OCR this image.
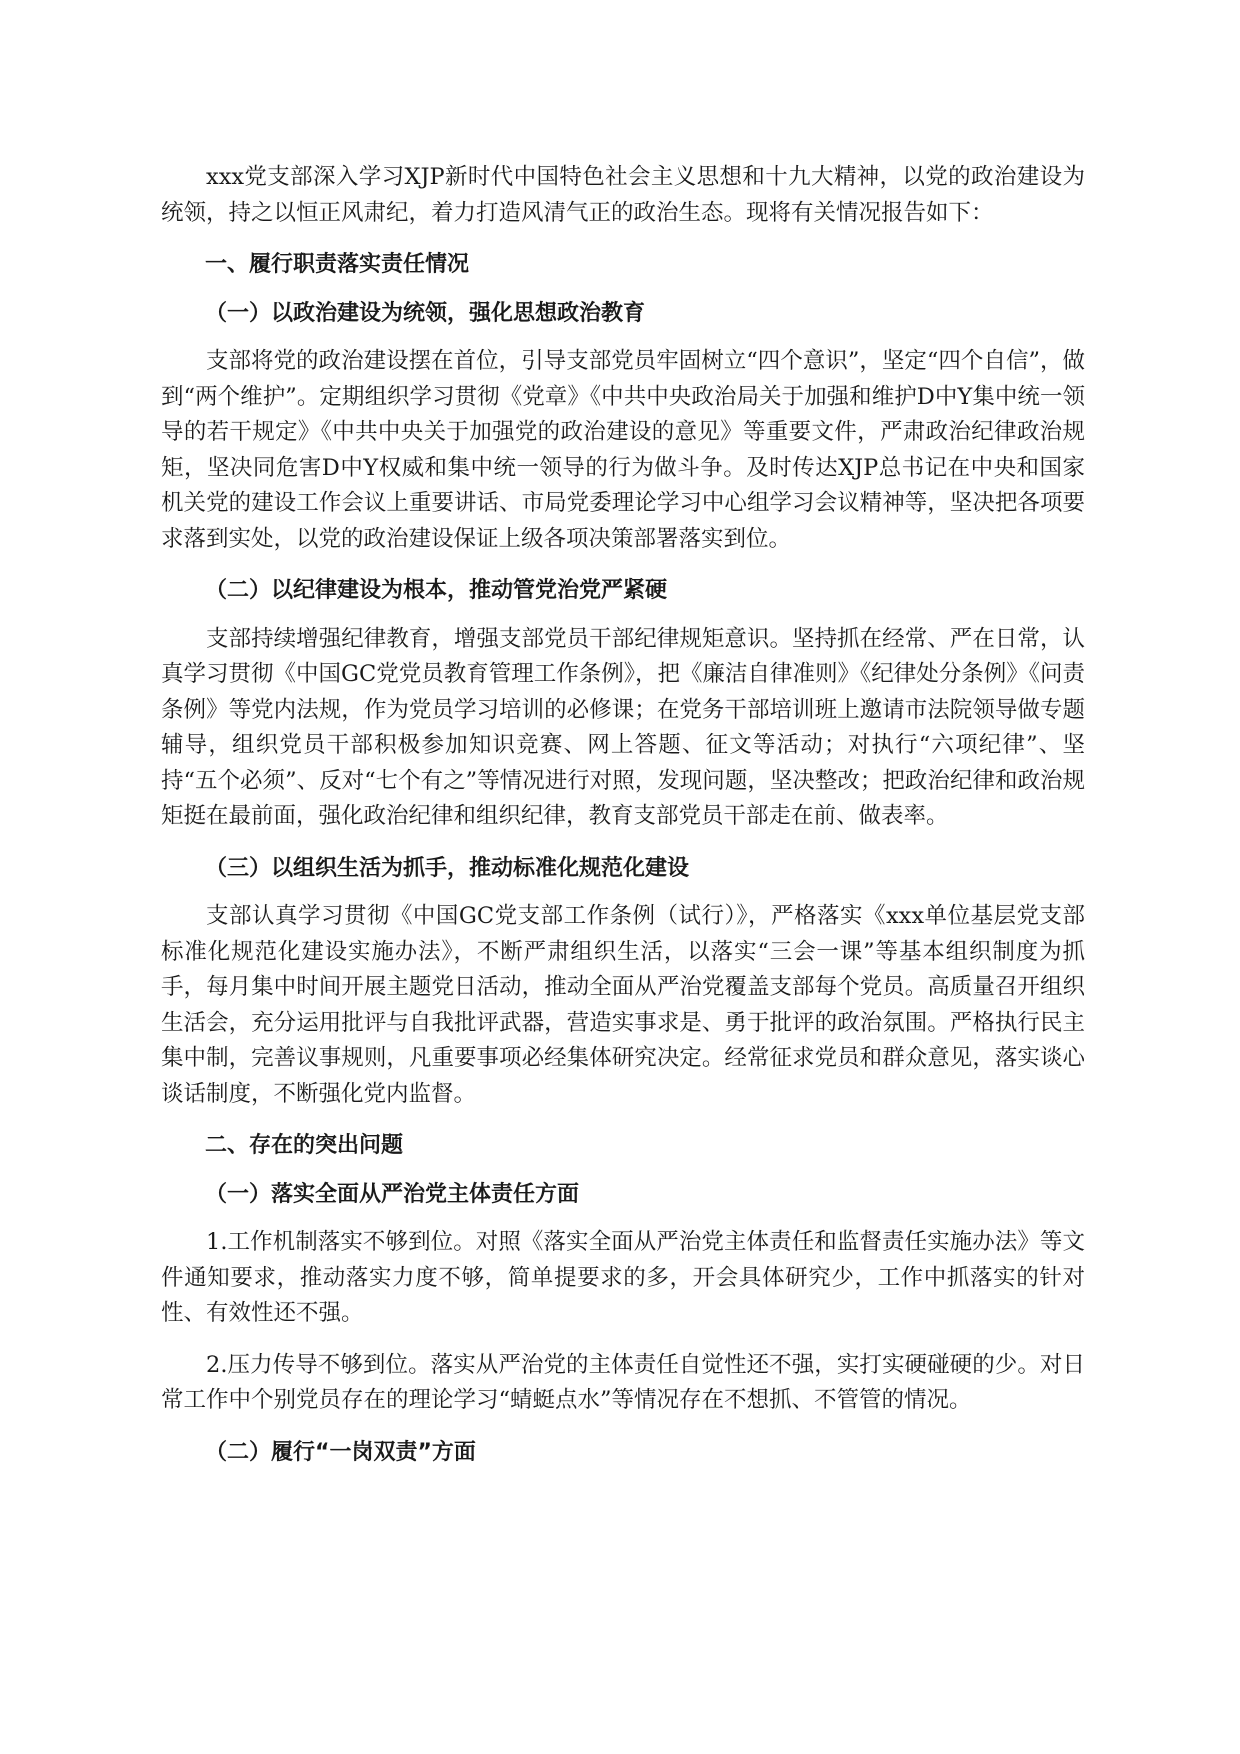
xxx党支部深入学习XJP新时代中国特色社会主义思想和十九大精神，以党的政治建设为统领，持之以恒正风肃纪，着力打造风清气正的政治生态。现将有关情况报告如下：

一、履行职责落实责任情况

（一）以政治建设为统领，强化思想政治教育

支部将党的政治建设摆在首位，引导支部党员牢固树立“四个意识”，坚定“四个自信”，做到“两个维护”。定期组织学习贯彻《党章》《中共中央政治局关于加强和维护D中Y集中统一领导的若干规定》《中共中央关于加强党的政治建设的意见》等重要文件，严肃政治纪律政治规矩，坚决同危害D中Y权威和集中统一领导的行为做斗争。及时传达XJP总书记在中央和国家机关党的建设工作会议上重要讲话、市局党委理论学习中心组学习会议精神等，坚决把各项要求落到实处，以党的政治建设保证上级各项决策部署落实到位。

（二）以纪律建设为根本，推动管党治党严紧硬

支部持续增强纪律教育，增强支部党员干部纪律规矩意识。坚持抓在经常、严在日常，认真学习贯彻《中国GC党党员教育管理工作条例》，把《廉洁自律准则》《纪律处分条例》《问责条例》等党内法规，作为党员学习培训的必修课；在党务干部培训班上邀请市法院领导做专题辅导，组织党员干部积极参加知识竞赛、网上答题、征文等活动；对执行“六项纪律”、坚持“五个必须”、反对“七个有之”等情况进行对照，发现问题，坚决整改；把政治纪律和政治规矩挺在最前面，强化政治纪律和组织纪律，教育支部党员干部走在前、做表率。

（三）以组织生活为抓手，推动标准化规范化建设

支部认真学习贯彻《中国GC党支部工作条例（试行）》，严格落实《xxx单位基层党支部标准化规范化建设实施办法》，不断严肃组织生活，以落实“三会一课”等基本组织制度为抓手，每月集中时间开展主题党日活动，推动全面从严治党覆盖支部每个党员。高质量召开组织生活会，充分运用批评与自我批评武器，营造实事求是、勇于批评的政治氛围。严格执行民主集中制，完善议事规则，凡重要事项必经集体研究决定。经常征求党员和群众意见，落实谈心谈话制度，不断强化党内监督。

二、存在的突出问题

（一）落实全面从严治党主体责任方面

1.工作机制落实不够到位。对照《落实全面从严治党主体责任和监督责任实施办法》等文件通知要求，推动落实力度不够，简单提要求的多，开会具体研究少，工作中抓落实的针对性、有效性还不强。

2.压力传导不够到位。落实从严治党的主体责任自觉性还不强，实打实硬碰硬的少。对日常工作中个别党员存在的理论学习“蜻蜓点水”等情况存在不想抓、不管管的情况。

（二）履行“一岗双责”方面
